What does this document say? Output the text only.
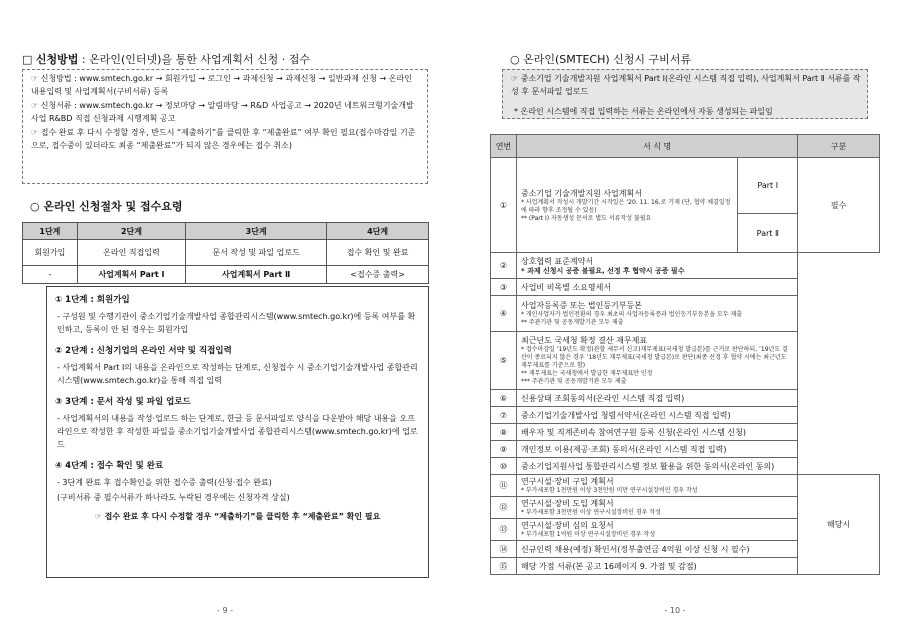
□ 신청방법 : 온라인(인터넷)을 통한 사업계획서 신청 · 접수

☞ 신청방법 : www.smtech.go.kr → 회원가입 → 로그인 → 과제신청 → 과제신청 → 일반과제 신청 → 온라인 내용입력 및 사업계획서(구비서류) 등록

☞ 신청서류 : www.smtech.go.kr → 정보마당 → 알림마당 → R&D 사업공고 → 2020년 네트워크형기술개발사업 R&BD 직접 신청과제 시행계획 공고

☞ 접수 완료 후 다시 수정할 경우, 반드시 “제출하기”를 클릭한 후 “제출완료” 여부 확인 필요(접수마감일 기준으로, 접수중이 있더라도 최종 “제출완료”가 되지 않은 경우에는 접수 취소)

○ 온라인 신청절차 및 접수요령
1단계	2단계	3단계	4단계
회원가입	온라인 직접입력	문서 작성 및 파일 업로드	접수 확인 및 완료
-	사업계획서 Part Ⅰ	사업계획서 Part Ⅱ	<접수증 출력>
① 1단계 : 회원가입
- 구성원 및 수행기관이 중소기업기술개발사업 종합관리시스템(www.smtech.go.kr)에 등록 여부를 확인하고, 등록이 안 된 경우는 회원가입
② 2단계 : 신청기업의 온라인 서약 및 직접입력
- 사업계획서 Part Ⅰ의 내용을 온라인으로 작성하는 단계로, 신청접수 시 중소기업기술개발사업 종합관리시스템(www.smtech.go.kr)을 통해 직접 입력
③ 3단계 : 문서 작성 및 파일 업로드
- 사업계획서의 내용을 작성·업로드 하는 단계로, 한글 등 문서파일로 양식을 다운받아 해당 내용을 오프라인으로 작성한 후 작성한 파일을 중소기업기술개발사업 종합관리시스템(www.smtech.go.kr)에 업로드
④ 4단계 : 접수 확인 및 완료
- 3단계 완료 후 접수확인을 위한 접수증 출력(신청·접수 완료)
(구비서류 중 필수서류가 하나라도 누락된 경우에는 신청자격 상실)
☞ 접수 완료 후 다시 수정할 경우 “제출하기”를 클릭한 후 “제출완료” 확인 필요
- 9 -
○ 온라인(SMTECH) 신청시 구비서류

☞ 중소기업 기술개발지원 사업계획서 Part Ⅰ(온라인 시스템 직접 입력), 사업계획서 Part Ⅱ 서류를 작성 후 문서파일 업로드

* 온라인 시스템에 직접 입력하는 서류는 온라인에서 자동 생성되는 파일임
연번	서 식 명		구분
①	중소기업 기술개발지원 사업계획서
* 사업계획서 작성시 개발기간 시작일은 ’20. 11. 16.로 기재 (단, 협약 체결일정에 따라 향후 조정될 수 있음)
** (Part Ⅰ) 자동생성 문서로 별도 서류작성 불필요	Part Ⅰ	필수
		Part Ⅱ	
②	상호협력 표준계약서
* 과제 신청시 공증 불필요, 선정 후 협약시 공증 필수		

③	사업비 비목별 소요명세서		
④	사업자등록증 또는 법인등기부등본
* 개인사업자가 법인전환의 경우 최초의 사업자등록증과 법인등기부등본을 모두 제출
** 주관기관 및 공동개발기관 모두 제출		

⑤	최근년도 국세청 확정 결산 재무제표
* 접수마감일 ’19년도 확정(관할 세무서 신고)재무제표(국세청 발급본)를 근거로 판단하되, ’19년도 결산이 종료되지 않은 경우 ’18년도 재무제표(국세청 발급본)로 판단(최종 선정 후 협약 시에는 최근년도 재무제표를 기준으로 함)
** 재무제표는 국세청에서 발급한 재무제표만 인정
*** 주관기관 및 공동개발기관 모두 제출		

⑥	신용상태 조회동의서(온라인 시스템 직접 입력)		
⑦	중소기업기술개발사업 청렴서약서(온라인 시스템 직접 입력)		
⑧	배우자 및 직계존비속 참여연구원 등록 신청(온라인 시스템 신청)		
⑨	개인정보 이용(제공·조회) 동의서(온라인 시스템 직접 입력)		
⑩	중소기업지원사업 통합관리시스템 정보 활용을 위한 동의서(온라인 동의)		
⑪	연구시설·장비 구입 계획서
* 부가세포함 1천만원 이상 3천만원 미만 연구시설장비인 경우 작성		해당시
⑫	연구시설·장비 도입 계획서
* 부가세포함 3천만원 이상 연구시설장비인 경우 작성		

⑬	연구시설·장비 심의 요청서
* 부가세포함 1억원 이상 연구시설장비인 경우 작성		

⑭	신규인력 채용(예정) 확인서(정부출연금 4억원 이상 신청 시 필수)		
⑮	해당 가점 서류(본 공고 16페이지 9. 가점 및 감점)		
- 10 -
